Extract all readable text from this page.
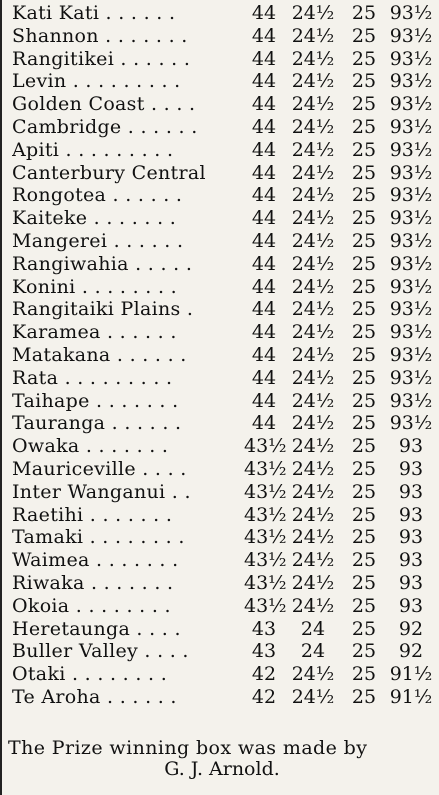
Kati Kati . . . . . .	44 24½ 25 93½
Shannon . . . . . . .	44 24½ 25 93½
Rangitikei . . . . . .	44 24½ 25 93½
Levin . . . . . . . . .	44 24½ 25 93½
Golden Coast . . . .	44 24½ 25 93½
Cambridge . . . . . .	44 24½ 25 93½
Apiti . . . . . . . . .	44 24½ 25 93½
Canterbury Central	44 24½ 25 93½
Rongotea . . . . . .	44 24½ 25 93½
Kaiteke . . . . . . .	44 24½ 25 93½
Mangerei . . . . . .	44 24½ 25 93½
Rangiwahia . . . . .	44 24½ 25 93½
Konini . . . . . . . .	44 24½ 25 93½
Rangitaiki Plains .	44 24½ 25 93½
Karamea . . . . . .	44 24½ 25 93½
Matakana . . . . . .	44 24½ 25 93½
Rata . . . . . . . . .	44 24½ 25 93½
Taihape . . . . . . .	44 24½ 25 93½
Tauranga . . . . . .	44 24½ 25 93½
Owaka . . . . . . .	43½ 24½ 25	93
Mauriceville . . . .	43½ 24½ 25	93
Inter Wanganui . .	43½ 24½ 25	93
Raetihi . . . . . . .	43½ 24½ 25	93
Tamaki . . . . . . . .	43½ 24½ 25	93
Waimea . . . . . . .	43½ 24½ 25	93
Riwaka . . . . . . .	43½ 24½ 25	93
Okoia . . . . . . . .	43½ 24½ 25	93
Heretaunga . . . .	43	24	25	92
Buller Valley . . . .	43	24	25	92
Otaki . . . . . . . .	42 24½ 25 91½
Te Aroha . . . . . .	42 24½ 25 91½
The Prize winning box was made by
G. J. Arnold.
